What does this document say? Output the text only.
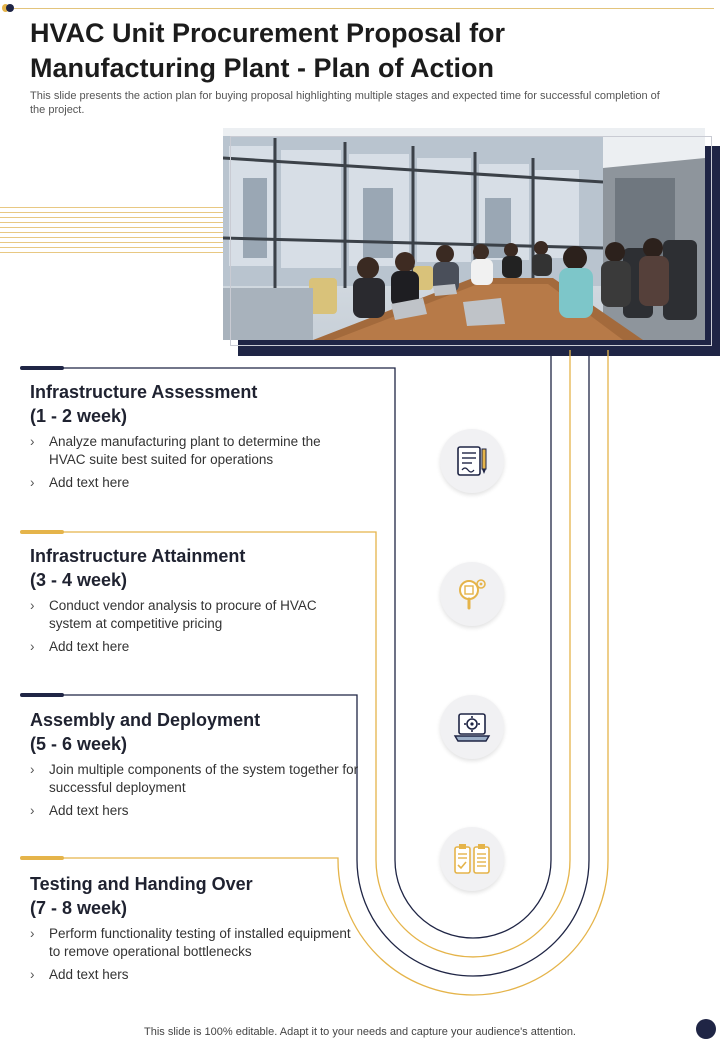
HVAC Unit Procurement Proposal for Manufacturing Plant - Plan of Action

This slide presents the action plan for buying proposal highlighting multiple stages and expected time for successful completion of the project.

Infrastructure Assessment
(1 - 2 week)
› Analyze manufacturing plant to determine the HVAC suite best suited for operations
› Add text here
Infrastructure Attainment
(3 - 4 week)
› Conduct vendor analysis to procure of HVAC system at competitive pricing
› Add text here
Assembly and Deployment
(5 - 6 week)
› Join multiple components of the system together for successful deployment
› Add text hers
Testing and Handing Over
(7 - 8 week)
› Perform functionality testing of installed equipment to remove operational bottlenecks
› Add text hers
This slide is 100% editable. Adapt it to your needs and capture your audience's attention.
